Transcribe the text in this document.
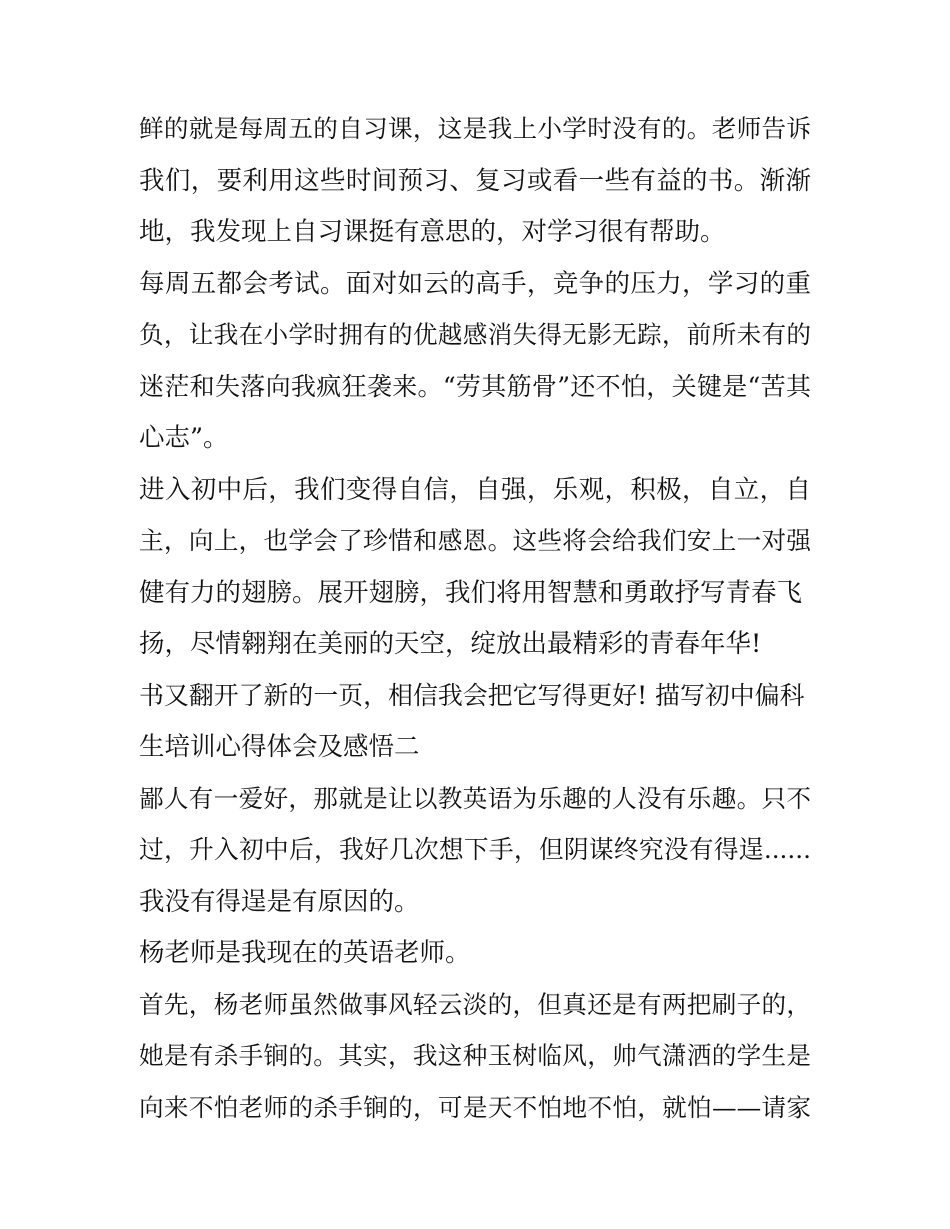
鲜的就是每周五的自习课，这是我上小学时没有的。老师告诉
我们，要利用这些时间预习、复习或看一些有益的书。渐渐
地，我发现上自习课挺有意思的，对学习很有帮助。
每周五都会考试。面对如云的高手，竞争的压力，学习的重
负，让我在小学时拥有的优越感消失得无影无踪，前所未有的
迷茫和失落向我疯狂袭来。“劳其筋骨”还不怕，关键是“苦其
心志”。
进入初中后，我们变得自信，自强，乐观，积极，自立，自
主，向上，也学会了珍惜和感恩。这些将会给我们安上一对强
健有力的翅膀。展开翅膀，我们将用智慧和勇敢抒写青春飞
扬，尽情翱翔在美丽的天空，绽放出最精彩的青春年华!
书又翻开了新的一页，相信我会把它写得更好! 描写初中偏科
生培训心得体会及感悟二
鄙人有一爱好，那就是让以教英语为乐趣的人没有乐趣。只不
过，升入初中后，我好几次想下手，但阴谋终究没有得逞......
我没有得逞是有原因的。
杨老师是我现在的英语老师。
首先，杨老师虽然做事风轻云淡的，但真还是有两把刷子的，
她是有杀手锏的。其实，我这种玉树临风，帅气潇洒的学生是
向来不怕老师的杀手锏的，可是天不怕地不怕，就怕——请家
